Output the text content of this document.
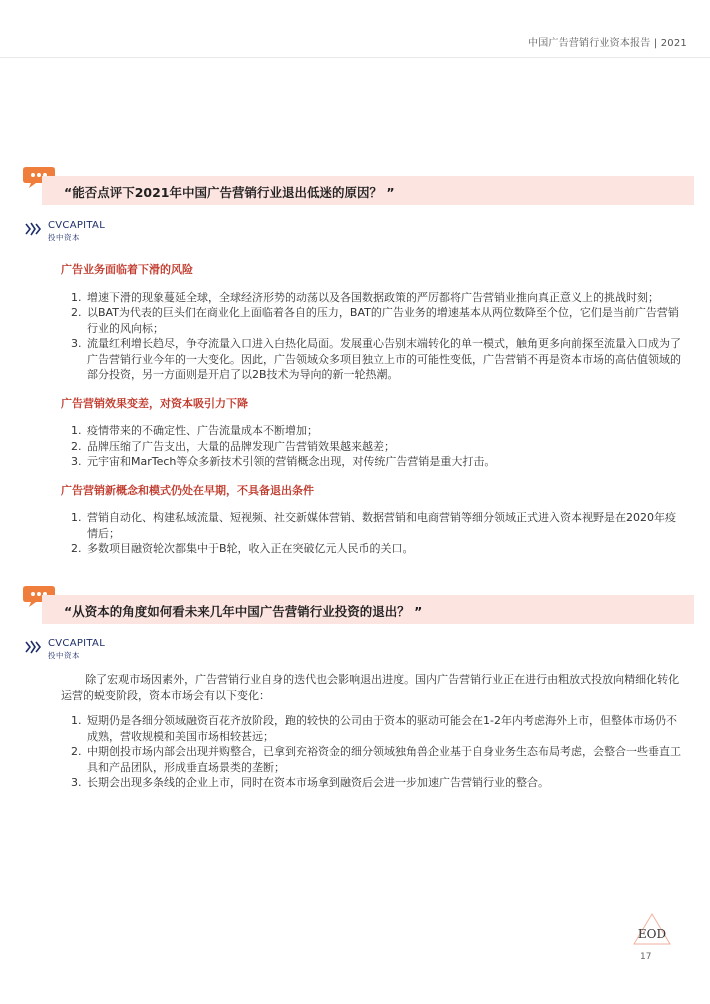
中国广告营销行业资本报告 | 2021
“能否点评下2021年中国广告营销行业退出低迷的原因？ ”
CVCAPITAL
投中资本
广告业务面临着下滑的风险
1. 增速下滑的现象蔓延全球，全球经济形势的动荡以及各国数据政策的严厉都将广告营销业推向真正意义上的挑战时刻；
2. 以BAT为代表的巨头们在商业化上面临着各自的压力，BAT的广告业务的增速基本从两位数降至个位，它们是当前广告营销行业的风向标；
3. 流量红利增长趋尽，争夺流量入口进入白热化局面。发展重心告别末端转化的单一模式，触角更多向前探至流量入口成为了广告营销行业今年的一大变化。因此，广告领域众多项目独立上市的可能性变低，广告营销不再是资本市场的高估值领域的部分投资，另一方面则是开启了以2B技术为导向的新一轮热潮。
广告营销效果变差，对资本吸引力下降
1. 疫情带来的不确定性、广告流量成本不断增加；
2. 品牌压缩了广告支出，大量的品牌发现广告营销效果越来越差；
3. 元宇宙和MarTech等众多新技术引领的营销概念出现，对传统广告营销是重大打击。
广告营销新概念和模式仍处在早期，不具备退出条件
1. 营销自动化、构建私域流量、短视频、社交新媒体营销、数据营销和电商营销等细分领域正式进入资本视野是在2020年疫情后；
2. 多数项目融资轮次都集中于B轮，收入正在突破亿元人民币的关口。
“从资本的角度如何看未来几年中国广告营销行业投资的退出？ ”
CVCAPITAL
投中资本

除了宏观市场因素外，广告营销行业自身的迭代也会影响退出进度。国内广告营销行业正在进行由粗放式投放向精细化转化运营的蜕变阶段，资本市场会有以下变化：

1. 短期仍是各细分领域融资百花齐放阶段，跑的较快的公司由于资本的驱动可能会在1-2年内考虑海外上市，但整体市场仍不成熟，营收规模和美国市场相较甚远；
2. 中期创投市场内部会出现并购整合，已拿到充裕资金的细分领域独角兽企业基于自身业务生态布局考虑，会整合一些垂直工具和产品团队，形成垂直场景类的垄断；
3. 长期会出现多条线的企业上市，同时在资本市场拿到融资后会进一步加速广告营销行业的整合。
EOD
17
